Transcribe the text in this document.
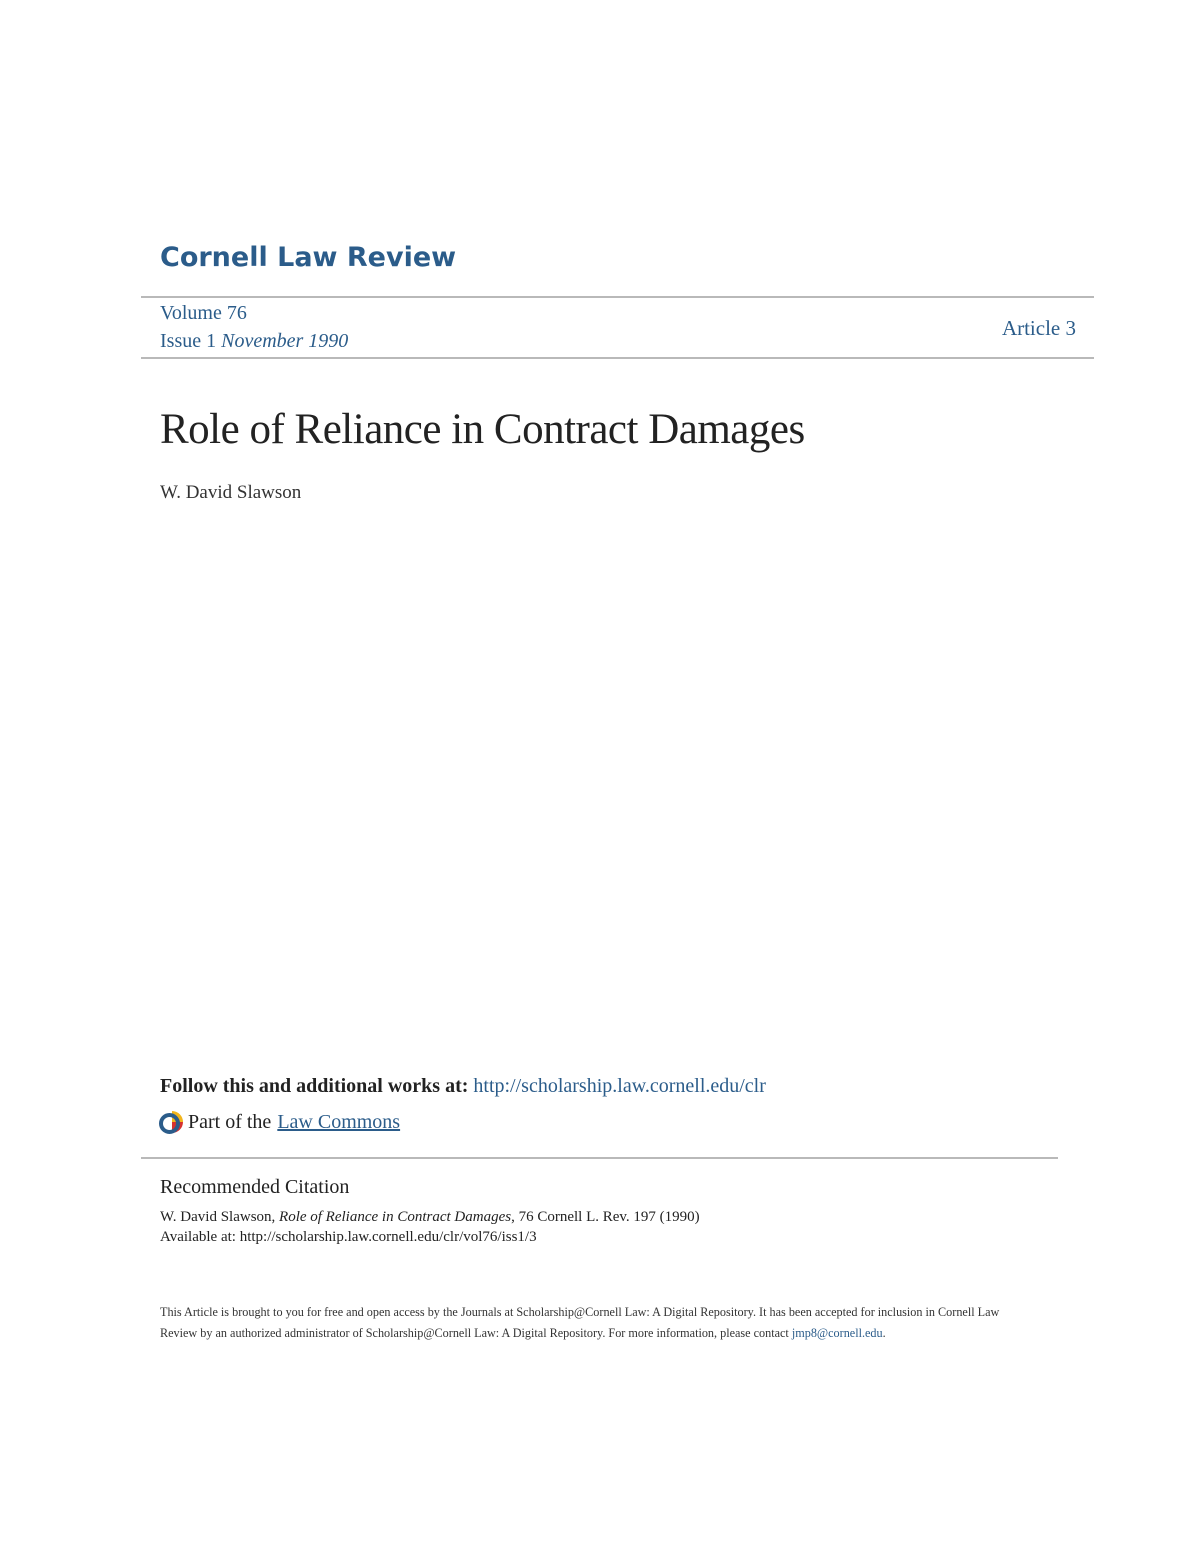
Cornell Law Review
Volume 76
Issue 1 November 1990
Article 3
Role of Reliance in Contract Damages
W. David Slawson
Follow this and additional works at: http://scholarship.law.cornell.edu/clr
Part of the Law Commons
Recommended Citation
W. David Slawson, Role of Reliance in Contract Damages, 76 Cornell L. Rev. 197 (1990)
Available at: http://scholarship.law.cornell.edu/clr/vol76/iss1/3
This Article is brought to you for free and open access by the Journals at Scholarship@Cornell Law: A Digital Repository. It has been accepted for inclusion in Cornell Law Review by an authorized administrator of Scholarship@Cornell Law: A Digital Repository. For more information, please contact jmp8@cornell.edu.
